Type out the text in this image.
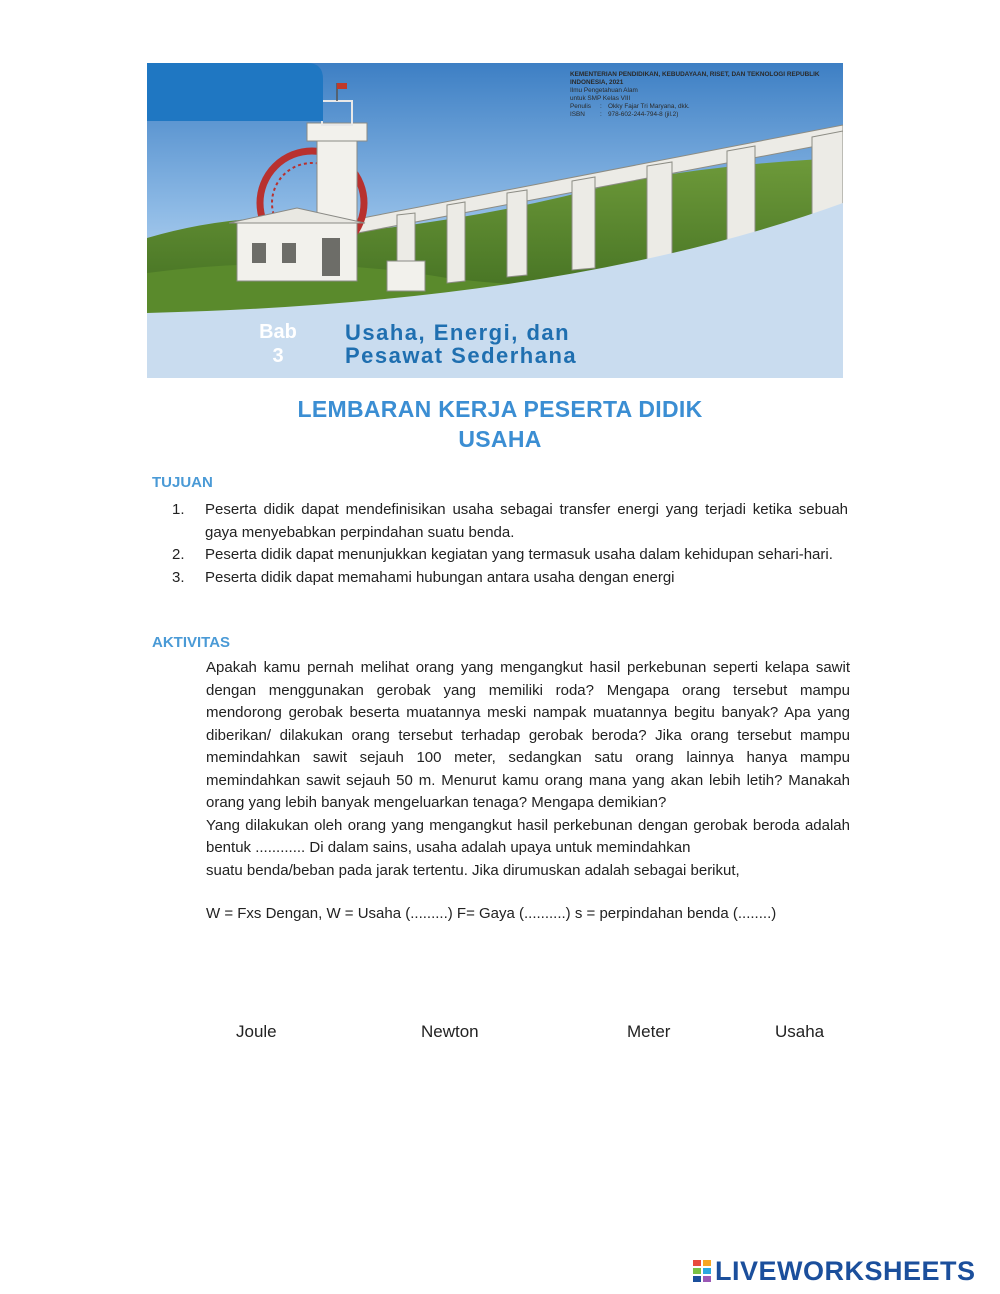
KEMENTERIAN PENDIDIKAN, KEBUDAYAAN, RISET, DAN TEKNOLOGI REPUBLIK INDONESIA, 2021
Ilmu Pengetahuan Alam
untuk SMP Kelas VIII
Penulis	: Okky Fajar Tri Maryana, dkk.
ISBN	: 978-602-244-794-8 (jil.2)
Bab
3
Usaha, Energi, dan
Pesawat Sederhana
LEMBARAN KERJA PESERTA DIDIK
USAHA
TUJUAN
1.	Peserta didik dapat mendefinisikan usaha sebagai transfer energi yang terjadi ketika sebuah gaya menyebabkan perpindahan suatu benda.
2.	Peserta didik dapat menunjukkan kegiatan yang termasuk usaha dalam kehidupan sehari-hari.
3.	Peserta didik dapat memahami hubungan antara usaha dengan energi
AKTIVITAS

Apakah kamu pernah melihat orang yang mengangkut hasil perkebunan seperti kelapa sawit dengan menggunakan gerobak yang memiliki roda? Mengapa orang tersebut mampu mendorong gerobak beserta muatannya meski nampak muatannya begitu banyak? Apa yang diberikan/ dilakukan orang tersebut terhadap gerobak beroda? Jika orang tersebut mampu memindahkan sawit sejauh 100 meter, sedangkan satu orang lainnya hanya mampu memindahkan sawit sejauh 50 m. Menurut kamu orang mana yang akan lebih letih? Manakah orang yang lebih banyak mengeluarkan tenaga? Mengapa demikian?

Yang dilakukan oleh orang yang mengangkut hasil perkebunan dengan gerobak beroda adalah bentuk ............ Di dalam sains, usaha adalah upaya untuk memindahkan

suatu benda/beban pada jarak tertentu. Jika dirumuskan adalah sebagai berikut,

W = Fxs Dengan, W = Usaha (.........) F= Gaya (..........) s = perpindahan benda (........)
Joule	Newton	Meter	Usaha
LIVEWORKSHEETS
